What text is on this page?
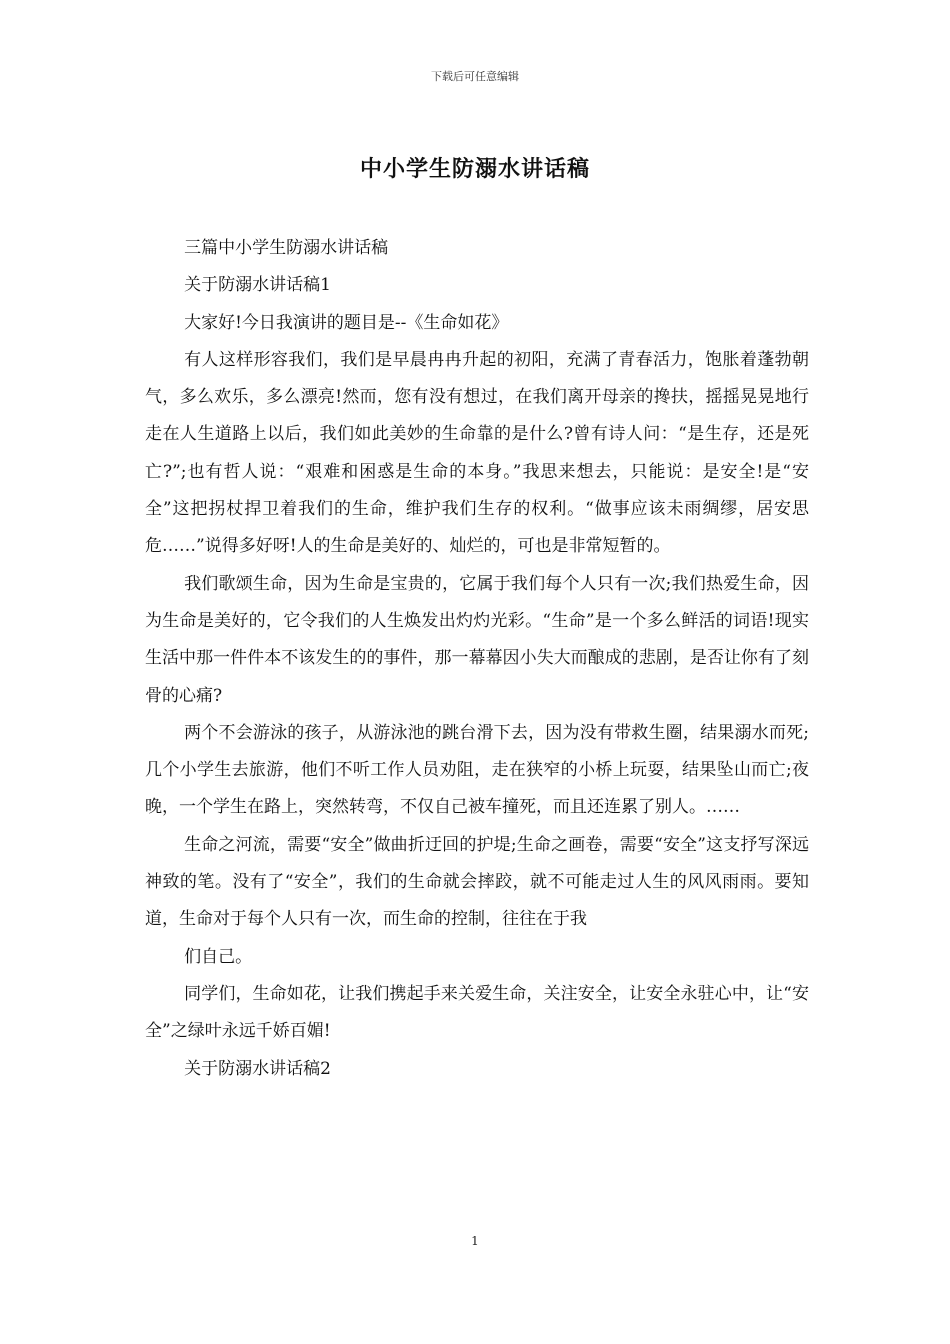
下载后可任意编辑
中小学生防溺水讲话稿

三篇中小学生防溺水讲话稿

关于防溺水讲话稿1

大家好!今日我演讲的题目是--《生命如花》

有人这样形容我们，我们是早晨冉冉升起的初阳，充满了青春活力，饱胀着蓬勃朝气，多么欢乐，多么漂亮!然而，您有没有想过，在我们离开母亲的搀扶，摇摇晃晃地行走在人生道路上以后，我们如此美妙的生命靠的是什么?曾有诗人问：“是生存，还是死亡?”;也有哲人说：“艰难和困惑是生命的本身。”我思来想去，只能说：是安全!是“安全”这把拐杖捍卫着我们的生命，维护我们生存的权利。“做事应该未雨绸缪，居安思危……”说得多好呀!人的生命是美好的、灿烂的，可也是非常短暂的。

我们歌颂生命，因为生命是宝贵的，它属于我们每个人只有一次;我们热爱生命，因为生命是美好的，它令我们的人生焕发出灼灼光彩。“生命”是一个多么鲜活的词语!现实生活中那一件件本不该发生的的事件，那一幕幕因小失大而酿成的悲剧，是否让你有了刻骨的心痛?

两个不会游泳的孩子，从游泳池的跳台滑下去，因为没有带救生圈，结果溺水而死;几个小学生去旅游，他们不听工作人员劝阻，走在狭窄的小桥上玩耍，结果坠山而亡;夜晚，一个学生在路上，突然转弯，不仅自己被车撞死，而且还连累了别人。……

生命之河流，需要“安全”做曲折迂回的护堤;生命之画卷，需要“安全”这支抒写深远神致的笔。没有了“安全”，我们的生命就会摔跤，就不可能走过人生的风风雨雨。要知道，生命对于每个人只有一次，而生命的控制，往往在于我

们自己。

同学们，生命如花，让我们携起手来关爱生命，关注安全，让安全永驻心中，让“安全”之绿叶永远千娇百媚!

关于防溺水讲话稿2

1
